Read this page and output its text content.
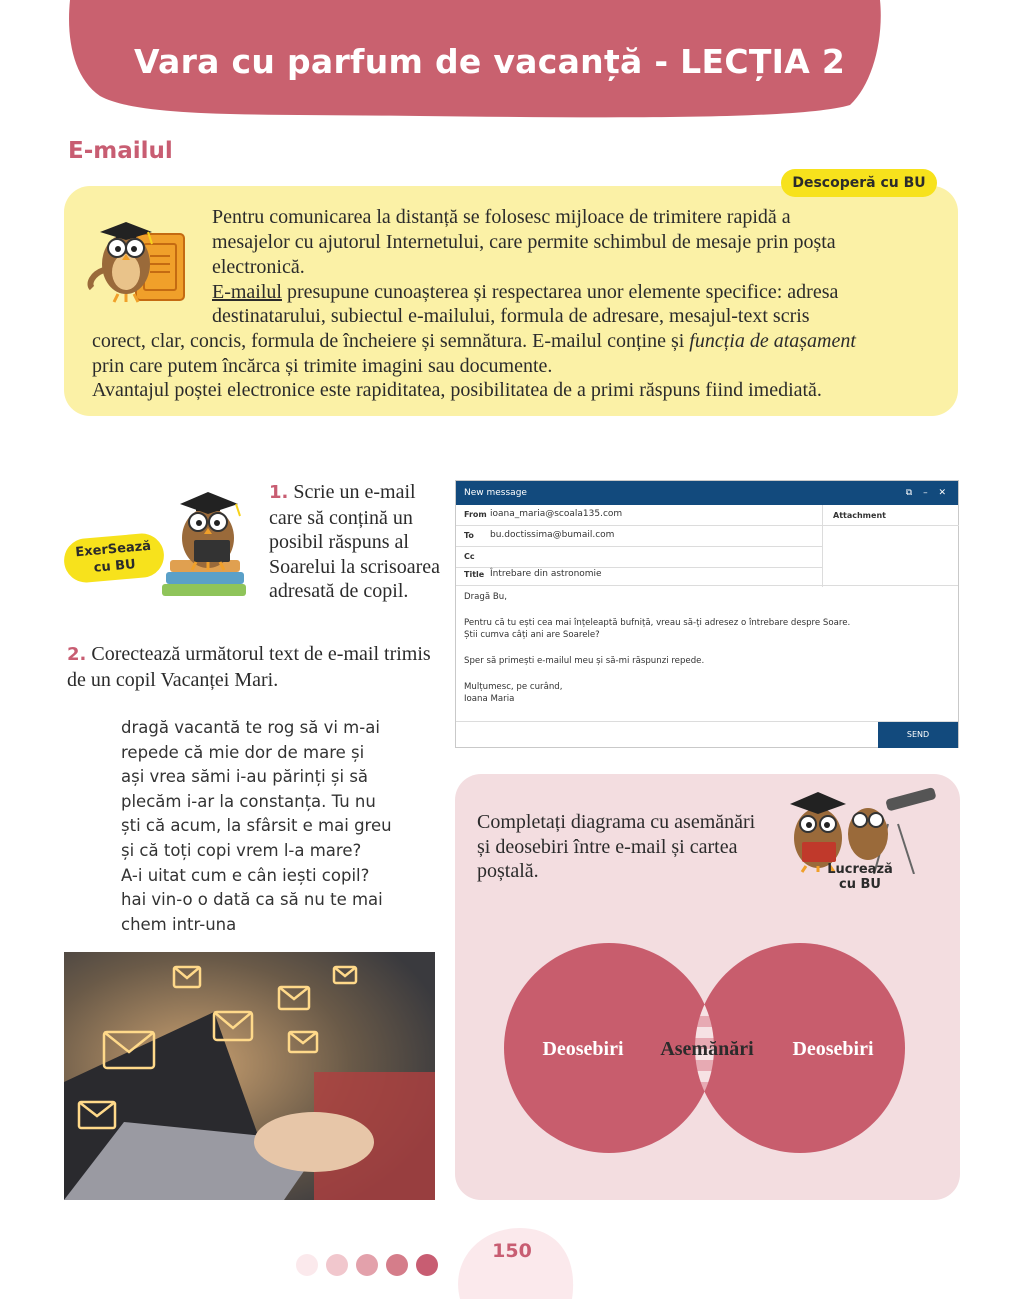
Vara cu parfum de vacanță - LECȚIA 2
E-mailul
Descoperă cu BU
Pentru comunicarea la distanță se folosesc mijloace de trimitere rapidă a
mesajelor cu ajutorul Internetului, care permite schimbul de mesaje prin poșta
electronică.
E-mailul presupune cunoașterea și respectarea unor elemente specifice: adresa
destinatarului, subiectul e-mailului, formula de adresare, mesajul-text scris
corect, clar, concis, formula de încheiere și semnătura. E-mailul conține și funcția de atașament
prin care putem încărca și trimite imagini sau documente.
Avantajul poștei electronice este rapiditatea, posibilitatea de a primi răspuns fiind imediată.
ExerSează
cu BU
1. Scrie un e-mail care să conțină un posibil răspuns al Soarelui la scrisoarea adresată de copil.
2. Corectează următorul text de e-mail trimis de un copil Vacanței Mari.
dragă vacantă te rog să vi m-ai
repede că mie dor de mare și
ași vrea sămi i-au părinți și să
plecăm i-ar la constanța. Tu nu
ști că acum, la sfârsit e mai greu
și că toți copi vrem l-a mare?
A-i uitat cum e cân iești copil?
hai vin-o o dată ca să nu te mai
chem intr-una
New message	⧉ – ✕
From ioana_maria@scoala135.com
To bu.doctissima@bumail.com
Cc
Title Întrebare din astronomie
Attachment
Dragă Bu,
Pentru că tu ești cea mai înțeleaptă bufniță, vreau să-ți adresez o întrebare despre Soare.
Știi cumva câți ani are Soarele?
Sper să primești e-mailul meu și să-mi răspunzi repede.
Mulțumesc, pe curând,
Ioana Maria
SEND
Completați diagrama cu asemănări și deosebiri între e-mail și cartea poștală.	Lucrează
cu BU
Deosebiri Asemănări Deosebiri
150
